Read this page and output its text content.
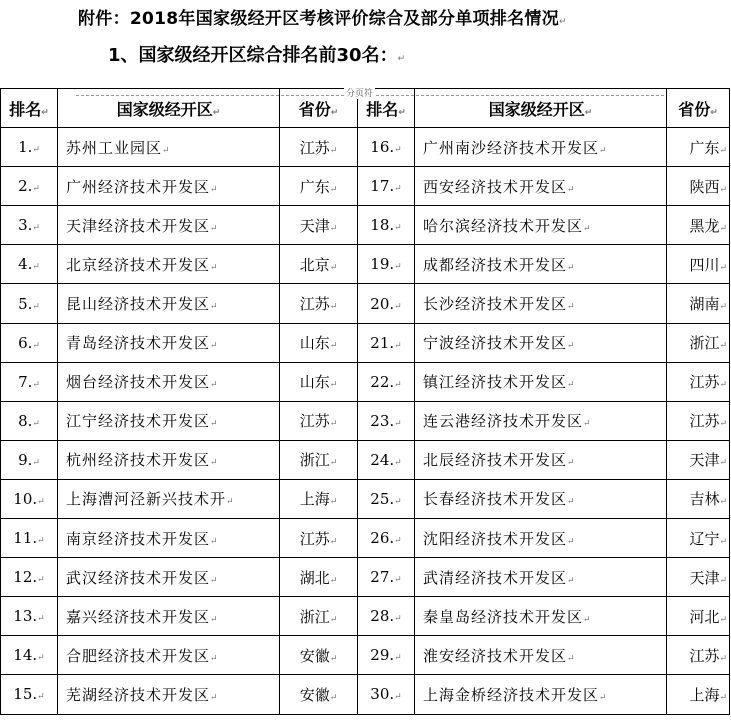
附件：2018年国家级经开区考核评价综合及部分单项排名情况↵
1、国家级经开区综合排名前30名：↵
排名↵	国家级经开区↵	省份↵	排名↵	国家级经开区↵	省份↵
1.↵	苏州工业园区↵	江苏↵	16.↵	广州南沙经济技术开发区↵	广东↵
2.↵	广州经济技术开发区↵	广东↵	17.↵	西安经济技术开发区↵	陕西↵
3.↵	天津经济技术开发区↵	天津↵	18.↵	哈尔滨经济技术开发区↵	黑龙↵
4.↵	北京经济技术开发区↵	北京↵	19.↵	成都经济技术开发区↵	四川↵
5.↵	昆山经济技术开发区↵	江苏↵	20.↵	长沙经济技术开发区↵	湖南↵
6.↵	青岛经济技术开发区↵	山东↵	21.↵	宁波经济技术开发区↵	浙江↵
7.↵	烟台经济技术开发区↵	山东↵	22.↵	镇江经济技术开发区↵	江苏↵
8.↵	江宁经济技术开发区↵	江苏↵	23.↵	连云港经济技术开发区↵	江苏↵
9.↵	杭州经济技术开发区↵	浙江↵	24.↵	北辰经济技术开发区↵	天津↵
10.↵	上海漕河泾新兴技术开↵	上海↵	25.↵	长春经济技术开发区↵	吉林↵
11.↵	南京经济技术开发区↵	江苏↵	26.↵	沈阳经济技术开发区↵	辽宁↵
12.↵	武汉经济技术开发区↵	湖北↵	27.↵	武清经济技术开发区↵	天津↵
13.↵	嘉兴经济技术开发区↵	浙江↵	28.↵	秦皇岛经济技术开发区↵	河北↵
14.↵	合肥经济技术开发区↵	安徽↵	29.↵	淮安经济技术开发区↵	江苏↵
15.↵	芜湖经济技术开发区↵	安徽↵	30.↵	上海金桥经济技术开发区↵	上海↵
分页符
